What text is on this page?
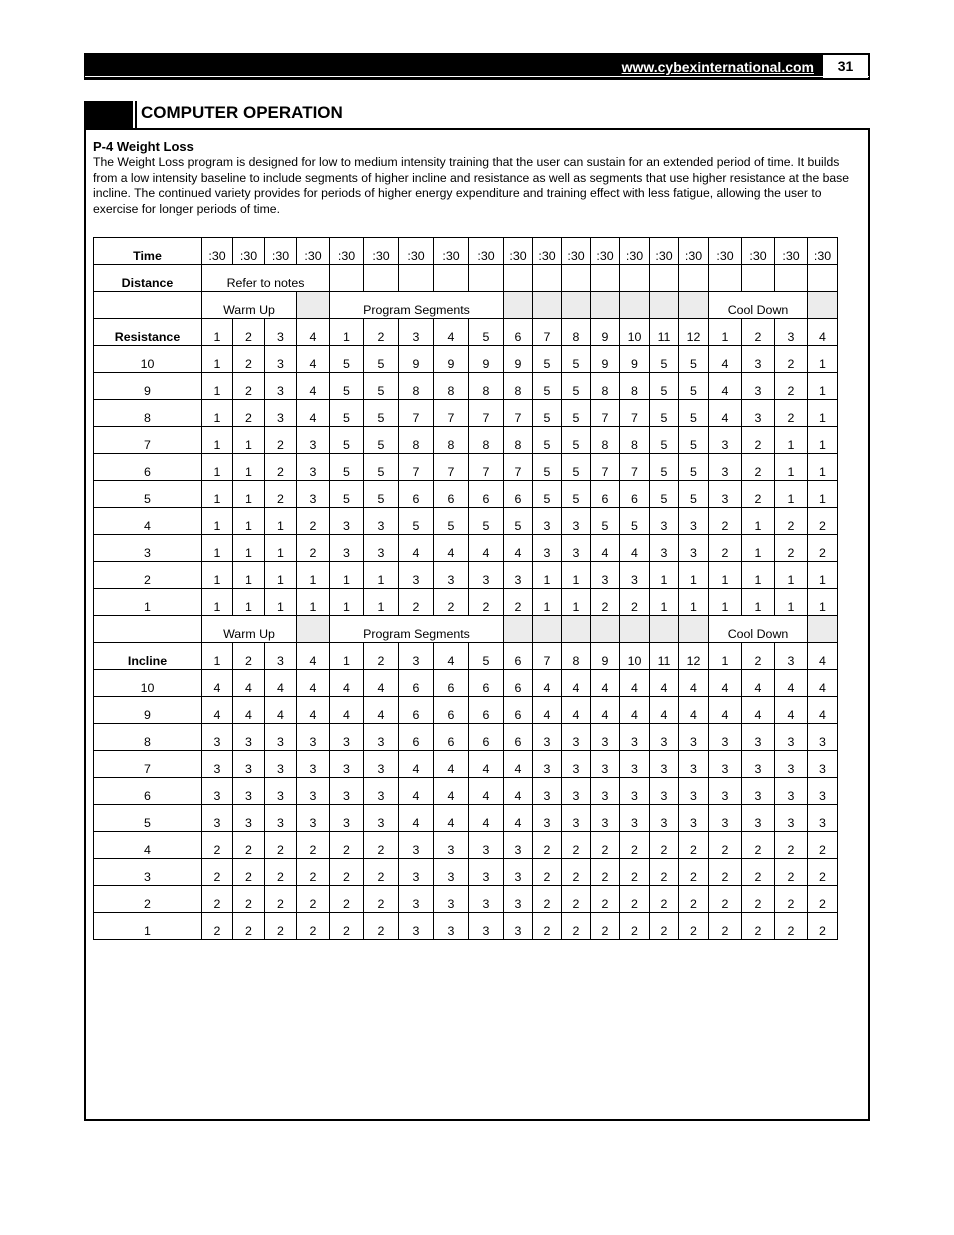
www.cybexinternational.com	31
COMPUTER OPERATION
P-4 Weight Loss

The Weight Loss program is designed for low to medium intensity training that the user can sustain for an extended period of time. It builds from a low intensity baseline to include segments of higher incline and resistance as well as segments that use higher resistance at the base incline. The continued variety provides for periods of higher energy expenditure and training effect with less fatigue, allowing the user to exercise for longer periods of time.

Time	:30	:30	:30	:30	:30	:30	:30	:30	:30	:30	:30	:30	:30	:30	:30	:30	:30	:30	:30	:30
Distance	Refer to notes																			
	Warm Up				Program Segments												Cool Down			
Resistance	1	2	3	4	1	2	3	4	5	6	7	8	9	10	11	12	1	2	3	4
10	1	2	3	4	5	5	9	9	9	9	5	5	9	9	5	5	4	3	2	1
9	1	2	3	4	5	5	8	8	8	8	5	5	8	8	5	5	4	3	2	1
8	1	2	3	4	5	5	7	7	7	7	5	5	7	7	5	5	4	3	2	1
7	1	1	2	3	5	5	8	8	8	8	5	5	8	8	5	5	3	2	1	1
6	1	1	2	3	5	5	7	7	7	7	5	5	7	7	5	5	3	2	1	1
5	1	1	2	3	5	5	6	6	6	6	5	5	6	6	5	5	3	2	1	1
4	1	1	1	2	3	3	5	5	5	5	3	3	5	5	3	3	2	1	2	2
3	1	1	1	2	3	3	4	4	4	4	3	3	4	4	3	3	2	1	2	2
2	1	1	1	1	1	1	3	3	3	3	1	1	3	3	1	1	1	1	1	1
1	1	1	1	1	1	1	2	2	2	2	1	1	2	2	1	1	1	1	1	1
	Warm Up				Program Segments												Cool Down			
Incline	1	2	3	4	1	2	3	4	5	6	7	8	9	10	11	12	1	2	3	4
10	4	4	4	4	4	4	6	6	6	6	4	4	4	4	4	4	4	4	4	4
9	4	4	4	4	4	4	6	6	6	6	4	4	4	4	4	4	4	4	4	4
8	3	3	3	3	3	3	6	6	6	6	3	3	3	3	3	3	3	3	3	3
7	3	3	3	3	3	3	4	4	4	4	3	3	3	3	3	3	3	3	3	3
6	3	3	3	3	3	3	4	4	4	4	3	3	3	3	3	3	3	3	3	3
5	3	3	3	3	3	3	4	4	4	4	3	3	3	3	3	3	3	3	3	3
4	2	2	2	2	2	2	3	3	3	3	2	2	2	2	2	2	2	2	2	2
3	2	2	2	2	2	2	3	3	3	3	2	2	2	2	2	2	2	2	2	2
2	2	2	2	2	2	2	3	3	3	3	2	2	2	2	2	2	2	2	2	2
1	2	2	2	2	2	2	3	3	3	3	2	2	2	2	2	2	2	2	2	2
